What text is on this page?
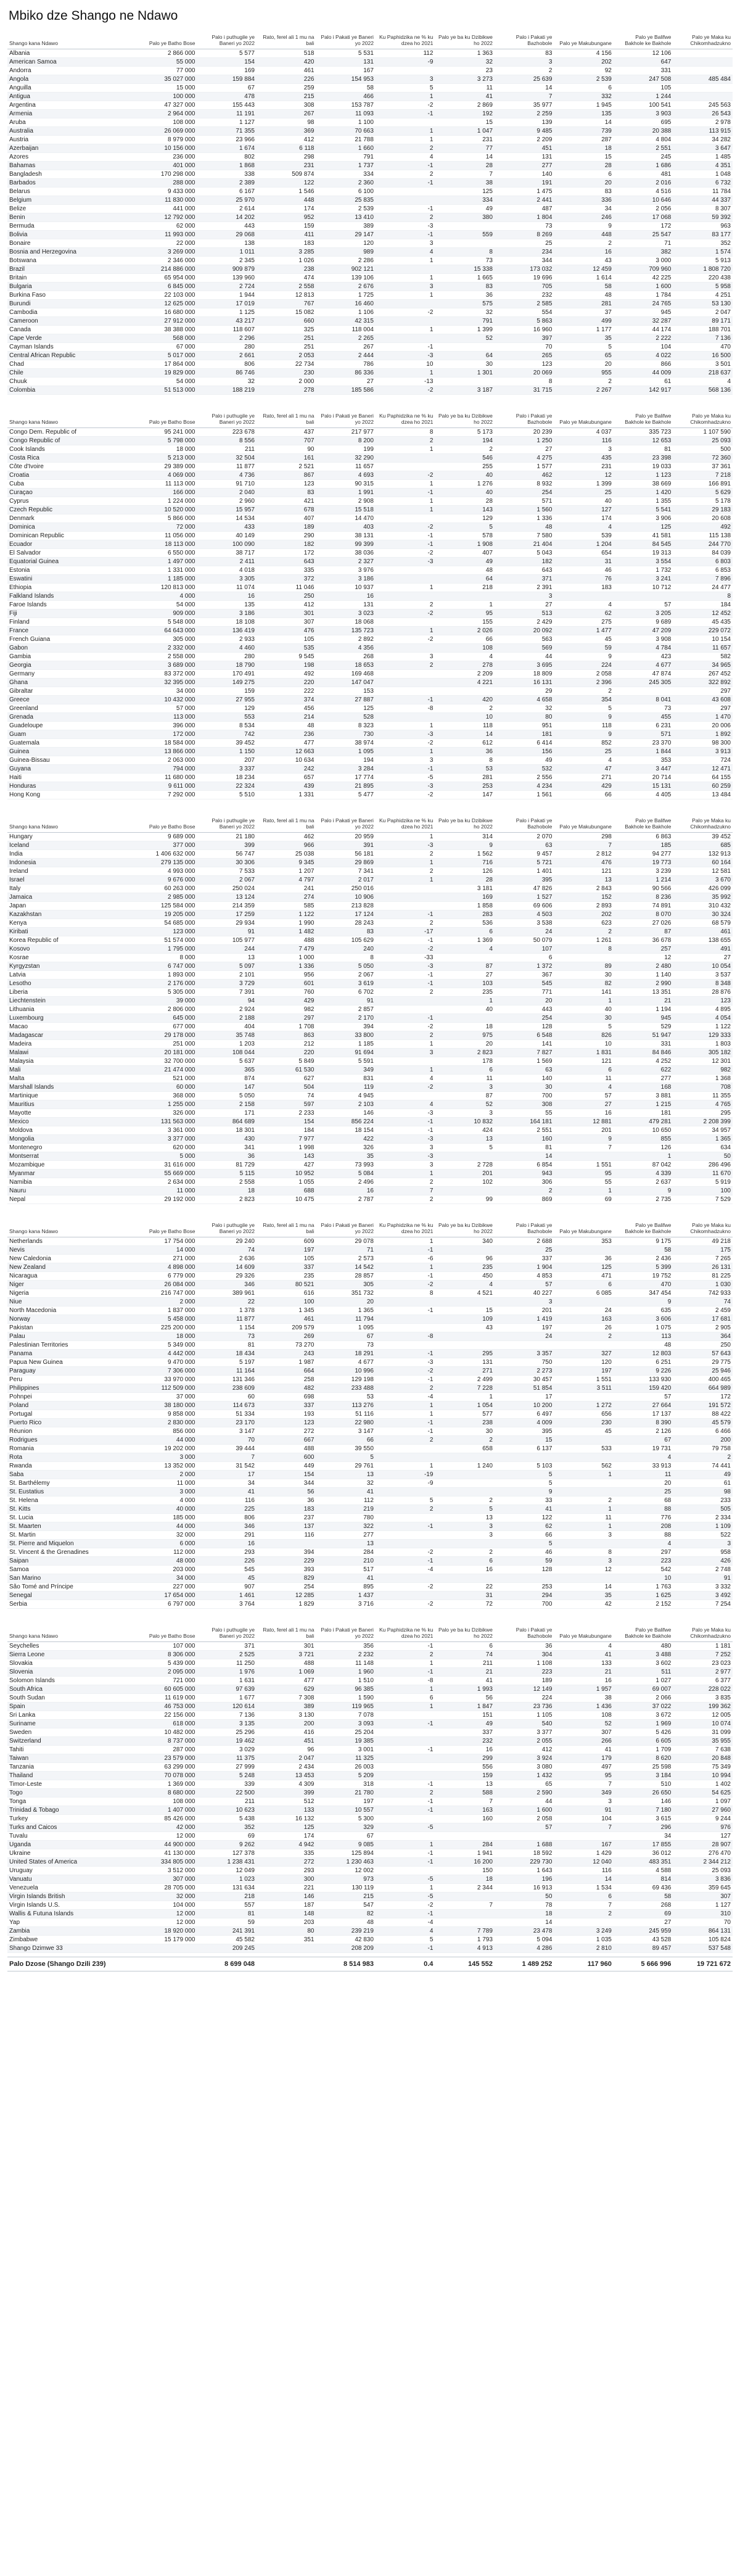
Mbiko dze Shango ne Ndawo
Shango kana Ndawo	Palo ye Batho Bose	Palo i puthugile ye Baneri yo 2022	Rato, ferel ali 1 mu na bali	Palo i Pakati ye Baneri yo 2022	Ku Paphidzika ne % ku dzea ho 2021	Palo ye ba ku Dzibikwe ho 2022	Palo i Pakati ye Bazhobole	Palo ye Makubungane	Palo ye Balifwe Bakhole ke Bakhole	Palo ye Maka ku Chikomhadzukno
Albania	2 866 000	5 577	518	5 531	112	1 363	83	4 156	12 106	
American Samoa	55 000	154	420	131	-9	32	3	202	647	
Andorra	77 000	169	461	167		23	2	92	331	
Angola	35 027 000	159 884	226	154 953	3	3 273	25 639	2 539	247 508	485 484
Anguilla	15 000	67	259	58	5	11	14	6	105	
Antigua	100 000	478	215	466	1	41	7	332	1 244	
Argentina	47 327 000	155 443	308	153 787	-2	2 869	35 977	1 945	100 541	245 563
Armenia	2 964 000	11 191	267	11 093	-1	192	2 259	135	3 903	26 543
Aruba	108 000	1 127	98	1 100		15	139	14	695	2 978
Australia	26 069 000	71 355	369	70 663	1	1 047	9 485	739	20 388	113 915
Austria	8 979 000	23 966	412	21 788	1	231	2 209	287	4 804	34 282
Azerbaijan	10 156 000	1 674	6 118	1 660	2	77	451	18	2 551	3 647
Azores	236 000	802	298	791	4	14	131	15	245	1 485
Bahamas	401 000	1 868	231	1 737	-1	28	277	28	1 686	4 351
Bangladesh	170 298 000	338	509 874	334	2	7	140	6	481	1 048
Barbados	288 000	2 389	122	2 360	-1	38	191	20	2 016	6 732
Belarus	9 433 000	6 167	1 546	6 100		125	1 475	83	4 516	11 784
Belgium	11 830 000	25 970	448	25 835		334	2 441	336	10 646	44 337
Belize	441 000	2 614	174	2 539	-1	49	487	34	2 056	8 307
Benin	12 792 000	14 202	952	13 410	2	380	1 804	246	17 068	59 392
Bermuda	62 000	443	159	389	-3		73	9	172	963
Bolivia	11 993 000	29 068	411	29 147	-1	559	8 269	448	25 547	83 177
Bonaire	22 000	138	183	120	3		25	2	71	352
Bosnia and Herzegovina	3 269 000	1 011	3 285	989	4	8	234	16	382	1 574
Botswana	2 346 000	2 345	1 026	2 286	1	73	344	43	3 000	5 913
Brazil	214 886 000	909 879	238	902 121		15 338	173 032	12 459	709 960	1 808 720
Britain	65 954 000	139 960	474	139 106	1	1 665	19 696	1 614	42 225	220 438
Bulgaria	6 845 000	2 724	2 558	2 676	3	83	705	58	1 600	5 958
Burkina Faso	22 103 000	1 944	12 813	1 725	1	36	232	48	1 784	4 251
Burundi	12 625 000	17 019	767	16 460		575	2 585	281	24 765	53 130
Cambodia	16 680 000	1 125	15 082	1 106	-2	32	554	37	945	2 047
Cameroon	27 912 000	43 217	660	42 315		791	5 863	499	32 287	89 171
Canada	38 388 000	118 607	325	118 004	1	1 399	16 960	1 177	44 174	188 701
Cape Verde	568 000	2 296	251	2 265		52	397	35	2 222	7 136
Cayman Islands	67 000	280	251	267	-1		70	5	104	470
Central African Republic	5 017 000	2 661	2 053	2 444	-3	64	265	65	4 022	16 500
Chad	17 864 000	806	22 734	786	10	30	123	20	866	3 501
Chile	19 829 000	86 746	230	86 336	1	1 301	20 069	955	44 009	218 637
Chuuk	54 000	32	2 000	27	-13		8	2	61	4
Colombia	51 513 000	188 219	278	185 586	-2	3 187	31 715	2 267	142 917	568 136
Shango kana Ndawo	Palo ye Batho Bose	Palo i puthugile ye Baneri yo 2022	Rato, ferel ali 1 mu na bali	Palo i Pakati ye Baneri yo 2022	Ku Paphidzika ne % ku dzea ho 2021	Palo ye ba ku Dzibikwe ho 2022	Palo i Pakati ye Bazhobole	Palo ye Makubungane	Palo ye Balifwe Bakhole ke Bakhole	Palo ye Maka ku Chikomhadzukno
Congo Dem. Republic of	95 241 000	223 678	437	217 977	8	5 173	20 239	4 037	335 723	1 107 590
Congo Republic of	5 798 000	8 556	707	8 200	2	194	1 250	116	12 653	25 093
Cook Islands	18 000	211	90	199	1	2	27	3	81	500
Costa Rica	5 213 000	32 504	161	32 290		546	4 275	435	23 398	72 360
Côte d'Ivoire	29 389 000	11 877	2 521	11 657		255	1 577	231	19 033	37 361
Croatia	4 069 000	4 736	867	4 693	-2	40	462	12	1 123	7 218
Cuba	11 113 000	91 710	123	90 315	1	1 276	8 932	1 399	38 669	166 891
Curaçao	166 000	2 040	83	1 991	-1	40	254	25	1 420	5 629
Cyprus	1 224 000	2 960	421	2 908	1	28	571	40	1 355	5 178
Czech Republic	10 520 000	15 957	678	15 518	1	143	1 560	127	5 541	29 183
Denmark	5 866 000	14 534	407	14 470		129	1 336	174	3 906	20 608
Dominica	72 000	433	189	403	-2	5	48	4	125	492
Dominican Republic	11 056 000	40 149	290	38 131	-1	578	7 580	539	41 581	115 138
Ecuador	18 113 000	100 090	182	99 399	-1	1 908	21 404	1 204	84 545	244 770
El Salvador	6 550 000	38 717	172	38 036	-2	407	5 043	654	19 313	84 039
Equatorial Guinea	1 497 000	2 411	643	2 327	-3	49	182	31	3 554	6 803
Estonia	1 331 000	4 018	335	3 976		48	643	46	1 732	6 853
Eswatini	1 185 000	3 305	372	3 186		64	371	76	3 241	7 896
Ethiopia	120 813 000	11 074	11 046	10 937	1	218	2 391	183	10 712	24 477
Falkland Islands	4 000	16	250	16			3			8
Faroe Islands	54 000	135	412	131	2	1	27	4	57	184
Fiji	909 000	3 186	301	3 023	-2	95	513	62	3 205	12 452
Finland	5 548 000	18 108	307	18 068		155	2 429	275	9 689	45 435
France	64 643 000	136 419	476	135 723	1	2 026	20 092	1 477	47 209	229 072
French Guiana	305 000	2 933	105	2 892	-2	66	563	45	3 908	10 154
Gabon	2 332 000	4 460	535	4 356		108	569	59	4 784	11 657
Gambia	2 558 000	280	9 545	268	3	4	44	9	423	582
Georgia	3 689 000	18 790	198	18 653	2	278	3 695	224	4 677	34 965
Germany	83 372 000	170 491	492	169 468		2 209	18 809	2 058	47 874	267 452
Ghana	32 395 000	149 275	220	147 047		4 221	16 131	2 396	245 305	322 892
Gibraltar	34 000	159	222	153			29	2		297
Greece	10 432 000	27 955	374	27 887	-1	420	4 658	354	8 041	43 608
Greenland	57 000	129	456	125	-8	2	32	5	73	297
Grenada	113 000	553	214	528		10	80	9	455	1 470
Guadeloupe	396 000	8 534	48	8 323	1	118	951	118	6 231	20 006
Guam	172 000	742	236	730	-3	14	181	9	571	1 892
Guatemala	18 584 000	39 452	477	38 974	-2	612	6 414	852	23 370	98 300
Guinea	13 866 000	1 150	12 663	1 095	1	36	156	25	1 844	3 913
Guinea-Bissau	2 063 000	207	10 634	194	3	8	49	4	353	724
Guyana	794 000	3 337	242	3 284	-1	53	532	47	3 447	12 471
Haiti	11 680 000	18 234	657	17 774	-5	281	2 556	271	20 714	64 155
Honduras	9 611 000	22 324	439	21 895	-3	253	4 234	429	15 131	60 259
Hong Kong	7 292 000	5 510	1 331	5 477	-2	147	1 561	66	4 405	13 484
Shango kana Ndawo	Palo ye Batho Bose	Palo i puthugile ye Baneri yo 2022	Rato, ferel ali 1 mu na bali	Palo i Pakati ye Baneri yo 2022	Ku Paphidzika ne % ku dzea ho 2021	Palo ye ba ku Dzibikwe ho 2022	Palo i Pakati ye Bazhobole	Palo ye Makubungane	Palo ye Balifwe Bakhole ke Bakhole	Palo ye Maka ku Chikomhadzukno
Hungary	9 689 000	21 180	462	20 959	1	314	2 070	298	6 863	39 452
Iceland	377 000	399	966	391	-3	9	63	7	185	685
India	1 406 632 000	56 747	25 038	56 181	2	1 562	9 457	2 812	94 277	132 913
Indonesia	279 135 000	30 306	9 345	29 869	1	716	5 721	476	19 773	60 164
Ireland	4 993 000	7 533	1 207	7 341	2	126	1 401	121	3 239	12 581
Israel	9 676 000	2 067	4 797	2 017	1	28	395	13	1 214	3 670
Italy	60 263 000	250 024	241	250 016		3 181	47 826	2 843	90 566	426 099
Jamaica	2 985 000	13 124	274	10 906		169	1 527	152	8 236	35 992
Japan	125 584 000	214 359	585	213 828		1 858	69 606	2 893	74 891	310 432
Kazakhstan	19 205 000	17 259	1 122	17 124	-1	283	4 503	202	8 070	30 324
Kenya	54 685 000	29 934	1 990	28 243	2	536	3 538	623	27 026	68 579
Kiribati	123 000	91	1 482	83	-17	6	24	2	87	461
Korea Republic of	51 574 000	105 977	488	105 629	-1	1 369	50 079	1 261	36 678	138 655
Kosovo	1 795 000	244	7 479	240	-2	4	107	8	257	491
Kosrae	8 000	13	1 000	8	-33		6		12	27
Kyrgyzstan	6 747 000	5 097	1 336	5 050	-3	87	1 372	89	2 480	10 054
Latvia	1 893 000	2 101	956	2 067	-1	27	367	30	1 140	3 537
Lesotho	2 176 000	3 729	601	3 619	-1	103	545	82	2 990	8 348
Liberia	5 305 000	7 391	760	6 702	2	235	771	141	13 351	28 876
Liechtenstein	39 000	94	429	91		1	20	1	21	123
Lithuania	2 806 000	2 924	982	2 857		40	443	40	1 194	4 895
Luxembourg	645 000	2 188	297	2 170	-1		254	30	945	4 054
Macao	677 000	404	1 708	394	-2	18	128	5	529	1 122
Madagascar	29 178 000	35 748	863	33 800	2	975	6 548	826	51 947	129 333
Madeira	251 000	1 203	212	1 185	1	20	141	10	331	1 803
Malawi	20 181 000	108 044	220	91 694	3	2 823	7 827	1 831	84 846	305 182
Malaysia	32 700 000	5 637	5 849	5 591		178	1 569	121	4 252	12 301
Mali	21 474 000	365	61 530	349	1	6	63	6	622	982
Malta	521 000	874	627	831	4	11	140	11	277	1 368
Marshall Islands	60 000	147	504	119	-2	3	30	4	168	708
Martinique	368 000	5 050	74	4 945		87	700	57	3 881	11 355
Mauritius	1 255 000	2 158	597	2 103	4	52	308	27	1 215	4 765
Mayotte	326 000	171	2 233	146	-3	3	55	16	181	295
Mexico	131 563 000	864 689	154	856 224	-1	10 832	164 181	12 881	479 281	2 208 399
Moldova	3 361 000	18 301	184	18 154	-1	424	2 551	201	10 650	34 957
Mongolia	3 377 000	430	7 977	422	-3	13	160	9	855	1 365
Montenegro	620 000	341	1 998	326	3	5	81	7	126	634
Montserrat	5 000	36	143	35	-3		14		1	50
Mozambique	31 616 000	81 729	427	73 993	3	2 728	6 854	1 551	87 042	286 496
Myanmar	55 669 000	5 115	10 952	5 084	1	201	943	95	4 339	11 670
Namibia	2 634 000	2 558	1 055	2 496	2	102	306	55	2 637	5 919
Nauru	11 000	18	688	16	7		2	1	9	100
Nepal	29 192 000	2 823	10 475	2 787	2	99	869	69	2 735	7 529
Shango kana Ndawo	Palo ye Batho Bose	Palo i puthugile ye Baneri yo 2022	Rato, ferel ali 1 mu na bali	Palo i Pakati ye Baneri yo 2022	Ku Paphidzika ne % ku dzea ho 2021	Palo ye ba ku Dzibikwe ho 2022	Palo i Pakati ye Bazhobole	Palo ye Makubungane	Palo ye Balifwe Bakhole ke Bakhole	Palo ye Maka ku Chikomhadzukno
Netherlands	17 754 000	29 240	609	29 078	1	340	2 688	353	9 175	49 218
Nevis	14 000	74	197	71	-1		25		58	175
New Caledonia	271 000	2 636	105	2 573	-6	96	337	36	2 436	7 265
New Zealand	4 898 000	14 609	337	14 542	1	235	1 904	125	5 399	26 131
Nicaragua	6 779 000	29 326	235	28 857	-1	450	4 853	471	19 752	81 225
Niger	26 084 000	346	80 521	305	-2	4	57	6	470	1 030
Nigeria	216 747 000	389 961	616	351 732	8	4 521	40 227	6 085	347 454	742 933
Niue	2 000	22	100	20			3		9	74
North Macedonia	1 837 000	1 378	1 345	1 365	-1	15	201	24	635	2 459
Norway	5 458 000	11 877	461	11 794		109	1 419	163	3 606	17 681
Pakistan	225 200 000	1 154	209 579	1 095		43	197	26	1 075	2 905
Palau	18 000	73	269	67	-8		24	2	113	364
Palestinian Territories	5 349 000	81	73 270	73					48	250
Panama	4 442 000	18 434	243	18 291	-1	295	3 357	327	12 803	57 643
Papua New Guinea	9 470 000	5 197	1 987	4 677	-3	131	750	120	6 251	29 775
Paraguay	7 306 000	11 164	664	10 996	-2	271	2 273	197	9 226	25 946
Peru	33 970 000	131 346	258	129 198	-1	2 499	30 457	1 551	133 930	400 465
Philippines	112 509 000	238 609	482	233 488	2	7 228	51 854	3 511	159 420	664 989
Pohnpei	37 000	60	698	53	-4	1	17		57	172
Poland	38 180 000	114 673	337	113 276	1	1 054	10 200	1 272	27 664	191 572
Portugal	9 858 000	51 334	193	51 116	1	577	6 497	656	17 137	88 422
Puerto Rico	2 830 000	23 170	123	22 980	-1	238	4 009	230	8 390	45 579
Réunion	856 000	3 147	272	3 147	-1	30	395	45	2 126	6 466
Rodrigues	44 000	70	667	66	2	2	15		67	200
Romania	19 202 000	39 444	488	39 550		658	6 137	533	19 731	79 758
Rota	3 000	7	600	5					4	2
Rwanda	13 352 000	31 542	449	29 761	1	1 240	5 103	562	33 913	74 441
Saba	2 000	17	154	13	-19		5	1	11	49
St. Barthélemy	11 000	34	344	32	-9		5		20	61
St. Eustatius	3 000	41	56	41			9		25	98
St. Helena	4 000	116	36	112	5	2	33	2	68	233
St. Kitts	40 000	225	183	219	2	5	41	1	88	505
St. Lucia	185 000	806	237	780		13	122	11	776	2 334
St. Maarten	44 000	346	137	322	-1	3	62	1	208	1 109
St. Martin	32 000	291	116	277		3	66	3	88	522
St. Pierre and Miquelon	6 000	16		13			5		4	3
St. Vincent & the Grenadines	112 000	293	394	284	-2	2	46	8	297	958
Saipan	48 000	226	229	210	-1	6	59	3	223	426
Samoa	203 000	545	393	517	-4	16	128	12	542	2 748
San Marino	34 000	45	829	41					10	91
São Tomé and Príncipe	227 000	907	254	895	-2	22	253	14	1 763	3 332
Senegal	17 654 000	1 461	12 285	1 437		31	294	35	1 625	3 492
Serbia	6 797 000	3 764	1 829	3 716	-2	72	700	42	2 152	7 254
Shango kana Ndawo	Palo ye Batho Bose	Palo i puthugile ye Baneri yo 2022	Rato, ferel ali 1 mu na bali	Palo i Pakati ye Baneri yo 2022	Ku Paphidzika ne % ku dzea ho 2021	Palo ye ba ku Dzibikwe ho 2022	Palo i Pakati ye Bazhobole	Palo ye Makubungane	Palo ye Balifwe Bakhole ke Bakhole	Palo ye Maka ku Chikomhadzukno
Seychelles	107 000	371	301	356	-1	6	36	4	480	1 181
Sierra Leone	8 306 000	2 525	3 721	2 232	2	74	304	41	3 488	7 252
Slovakia	5 439 000	11 250	488	11 148	1	211	1 108	133	3 602	23 023
Slovenia	2 095 000	1 976	1 069	1 960	-1	21	223	21	511	2 977
Solomon Islands	721 000	1 631	477	1 510	-8	41	189	16	1 027	6 377
South Africa	60 605 000	97 639	629	96 385	1	1 993	12 149	1 957	69 007	228 022
South Sudan	11 619 000	1 677	7 308	1 590	6	56	224	38	2 066	3 835
Spain	46 753 000	120 614	389	119 965	1	1 847	23 736	1 436	37 022	199 362
Sri Lanka	22 156 000	7 136	3 130	7 078		151	1 105	108	3 672	12 005
Suriname	618 000	3 135	200	3 093	-1	49	540	52	1 969	10 074
Sweden	10 482 000	25 296	416	25 204		337	3 377	307	5 426	31 099
Switzerland	8 737 000	19 462	451	19 385		232	2 055	266	6 605	35 955
Tahiti	287 000	3 029	96	3 001	-1	16	412	41	1 709	7 638
Taiwan	23 579 000	11 375	2 047	11 325		299	3 924	179	8 620	20 848
Tanzania	63 299 000	27 999	2 434	26 003		556	3 080	497	25 598	75 349
Thailand	70 078 000	5 248	13 453	5 209		159	1 432	95	3 184	10 994
Timor-Leste	1 369 000	339	4 309	318	-1	13	65	7	510	1 402
Togo	8 680 000	22 500	399	21 780	2	588	2 590	349	26 650	54 625
Tonga	108 000	211	512	197	-1	7	44	3	146	1 097
Trinidad & Tobago	1 407 000	10 623	133	10 557	-1	163	1 600	91	7 180	27 960
Turkey	85 426 000	5 438	16 132	5 300		160	2 058	104	3 615	9 244
Turks and Caicos	42 000	352	125	329	-5		57	7	296	976
Tuvalu	12 000	69	174	67					34	127
Uganda	44 900 000	9 262	4 942	9 085	1	284	1 688	167	17 855	28 907
Ukraine	41 130 000	127 378	335	125 894	-1	1 941	18 592	1 429	36 012	276 470
United States of America	334 805 000	1 238 431	272	1 230 463	-1	16 200	229 730	12 040	483 351	2 344 212
Uruguay	3 512 000	12 049	293	12 002		150	1 643	116	4 588	25 093
Vanuatu	307 000	1 023	300	973	-5	18	196	14	814	3 836
Venezuela	28 705 000	131 634	221	130 119	1	2 344	16 913	1 534	69 436	359 645
Virgin Islands British	32 000	218	146	215	-5		50	6	58	307
Virgin Islands U.S.	104 000	557	187	547	-2	7	78	7	268	1 127
Wallis & Futuna Islands	12 000	81	148	82	-1		18	2	69	310
Yap	12 000	59	203	48	-4		14		27	70
Zambia	18 920 000	241 391	80	239 219	4	7 789	23 478	3 249	245 959	864 131
Zimbabwe	15 179 000	45 582	351	42 830	5	1 793	5 094	1 035	43 528	105 824
Shango Dzimwe 33		209 245		208 209	-1	4 913	4 286	2 810	89 457	537 548
Palo Dzose (Shango Dzili 239)		8 699 048		8 514 983	0.4	145 552	1 489 252	117 960	5 666 996	19 721 672
